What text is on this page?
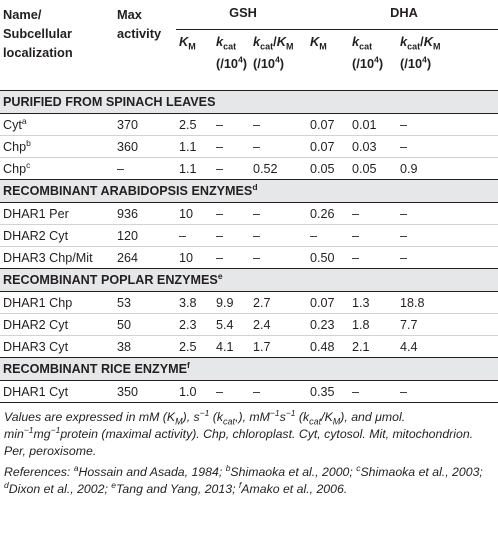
Name/
Subcellular
localization	Max
activity	GSH			DHA		
		$K_M$	$k_{cat}$	$k_{cat}/K_M$	$K_M$	$k_{cat}$	$k_{cat}/K_M$
			$(/10^4)$	$(/10^4)$		$(/10^4)$	$(/10^4)$

PURIFIED FROM SPINACH LEAVES							
Cyt$^a$	370	2.5	–	–	0.07	0.01	–
Chp$^b$	360	1.1	–	–	0.07	0.03	–
Chp$^c$	–	1.1	–	0.52	0.05	0.05	0.9
RECOMBINANT ARABIDOPSIS ENZYMES$^d$
DHAR1 Per	936	10	–	–	0.26	–	–
DHAR2 Cyt	120	–	–	–	–	–	–
DHAR3 Chp/Mit	264	10	–	–	0.50	–	–
RECOMBINANT POPLAR ENZYMES$^e$
DHAR1 Chp	53	3.8	9.9	2.7	0.07	1.3	18.8
DHAR2 Cyt	50	2.3	5.4	2.4	0.23	1.8	7.7
DHAR3 Cyt	38	2.5	4.1	1.7	0.48	2.1	4.4
RECOMBINANT RICE ENZYME$^f$
DHAR1 Cyt	350	1.0	–	–	0.35	–	–

Values are expressed in mM $(K_M)$, $s^{-1}$ $(k_{cat},)$, $mM^{-1}s^{-1}$ $(k_{cat}/K_M)$, and μmol. $\min^{-1}mg^{-1}protein$ (maximal activity). Chp, chloroplast. Cyt, cytosol. Mit, mitochondrion. Per, peroxisome.

References: $^a$Hossain and Asada, 1984; $^b$Shimaoka et al., 2000; $^c$Shimaoka et al., 2003; $^d$Dixon et al., 2002; $^e$Tang and Yang, 2013; $^f$Amako et al., 2006.
